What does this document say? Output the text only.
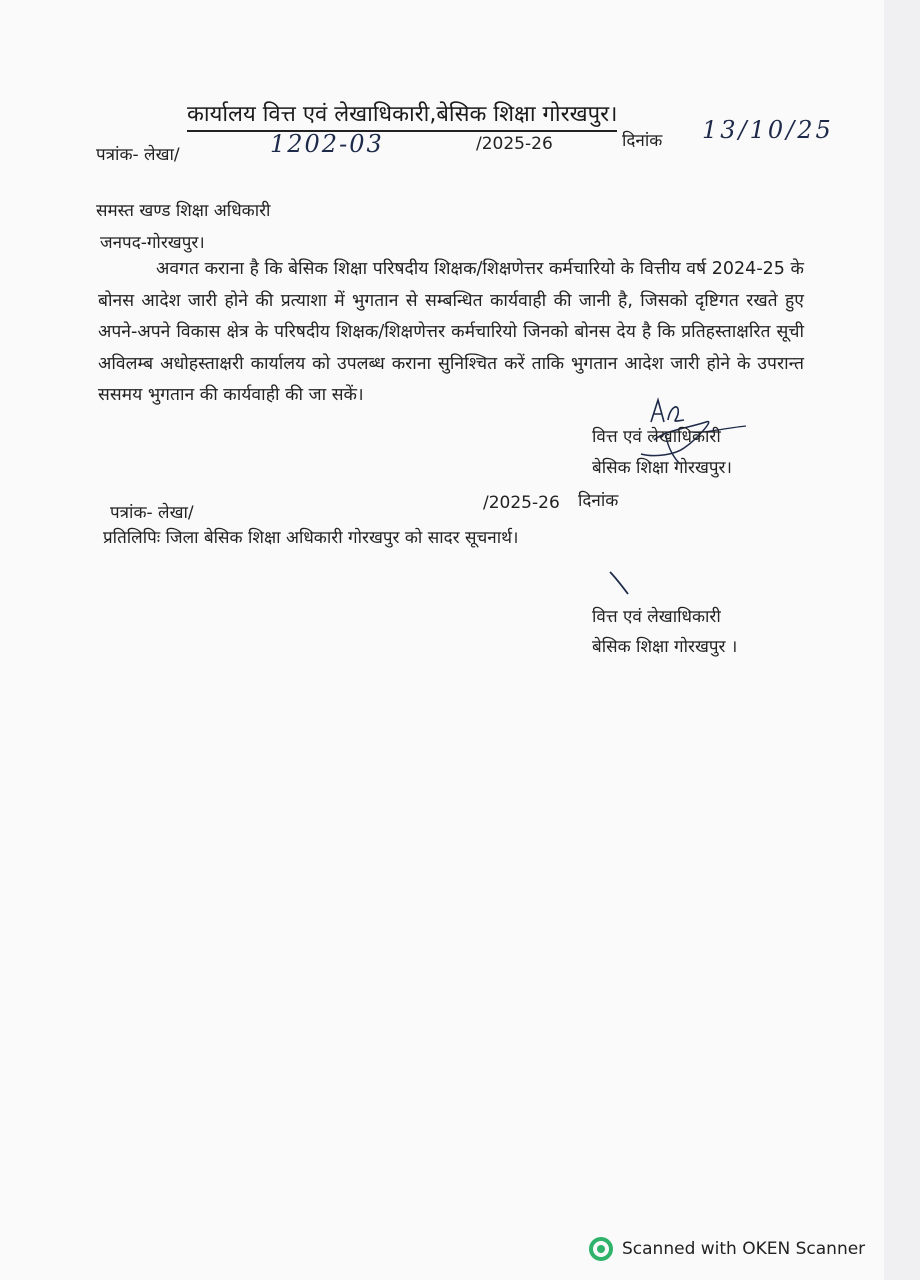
कार्यालय वित्त एवं लेखाधिकारी,बेसिक शिक्षा गोरखपुर।
पत्रांक- लेखा/	1202-03	/2025-26	दिनांक 13/10/25
समस्त खण्ड शिक्षा अधिकारी
जनपद-गोरखपुर।
अवगत कराना है कि बेसिक शिक्षा परिषदीय शिक्षक/शिक्षणेत्तर कर्मचारियो के वित्तीय वर्ष 2024-25 के बोनस आदेश जारी होने की प्रत्याशा में भुगतान से सम्बन्धित कार्यवाही की जानी है, जिसको दृष्टिगत रखते हुए अपने-अपने विकास क्षेत्र के परिषदीय शिक्षक/शिक्षणेत्तर कर्मचारियो जिनको बोनस देय है कि प्रतिहस्ताक्षरित सूची अविलम्ब अधोहस्ताक्षरी कार्यालय को उपलब्ध कराना सुनिश्चित करें ताकि भुगतान आदेश जारी होने के उपरान्त ससमय भुगतान की कार्यवाही की जा सकें।
वित्त एवं लेखाधिकारी
बेसिक शिक्षा गोरखपुर।
पत्रांक- लेखा/	/2025-26 दिनांक
प्रतिलिपिः जिला बेसिक शिक्षा अधिकारी गोरखपुर को सादर सूचनार्थ।
वित्त एवं लेखाधिकारी
बेसिक शिक्षा गोरखपुर ।
Scanned with OKEN Scanner
